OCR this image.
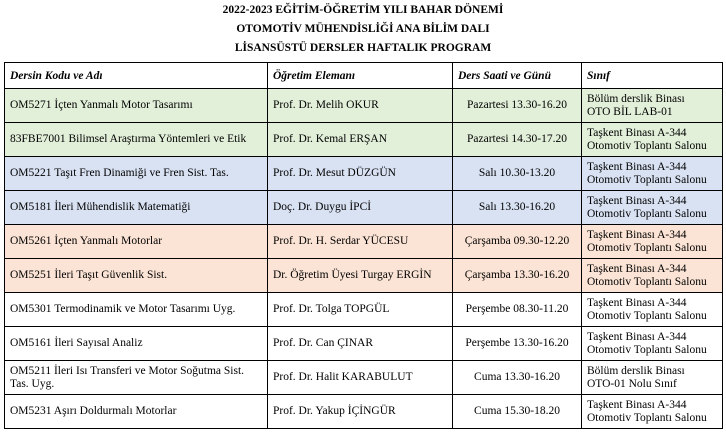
2022-2023 EĞİTİM-ÖĞRETİM YILI BAHAR DÖNEMİ
OTOMOTİV MÜHENDİSLİĞİ ANA BİLİM DALI
LİSANSÜSTÜ DERSLER HAFTALIK PROGRAM
Dersin Kodu ve Adı	Öğretim Elemanı	Ders Saati ve Günü	Sınıf
OM5271 İçten Yanmalı Motor Tasarımı	Prof. Dr. Melih OKUR	Pazartesi 13.30-16.20	Bölüm derslik Binası
OTO BİL LAB-01

83FBE7001 Bilimsel Araştırma Yöntemleri ve Etik	Prof. Dr. Kemal ERŞAN	Pazartesi 14.30-17.20	Taşkent Binası A-344
Otomotiv Toplantı Salonu

OM5221 Taşıt Fren Dinamiği ve Fren Sist. Tas.	Prof. Dr. Mesut DÜZGÜN	Salı 10.30-13.20	Taşkent Binası A-344
Otomotiv Toplantı Salonu

OM5181 İleri Mühendislik Matematiği	Doç. Dr. Duygu İPCİ	Salı 13.30-16.20	Taşkent Binası A-344
Otomotiv Toplantı Salonu

OM5261 İçten Yanmalı Motorlar	Prof. Dr. H. Serdar YÜCESU	Çarşamba 09.30-12.20	Taşkent Binası A-344
Otomotiv Toplantı Salonu

OM5251 İleri Taşıt Güvenlik Sist.	Dr. Öğretim Üyesi Turgay ERGİN	Çarşamba 13.30-16.20	Taşkent Binası A-344
Otomotiv Toplantı Salonu

OM5301 Termodinamik ve Motor Tasarımı Uyg.	Prof. Dr. Tolga TOPGÜL	Perşembe 08.30-11.20	Taşkent Binası A-344
Otomotiv Toplantı Salonu

OM5161 İleri Sayısal Analiz	Prof. Dr. Can ÇINAR	Perşembe 13.30-16.20	Taşkent Binası A-344
Otomotiv Toplantı Salonu

OM5211 İleri Isı Transferi ve Motor Soğutma Sist. Tas. Uyg.	Prof. Dr. Halit KARABULUT	Cuma 13.30-16.20	Bölüm derslik Binası
OTO-01 Nolu Sınıf

OM5231 Aşırı Doldurmalı Motorlar	Prof. Dr. Yakup İÇİNGÜR	Cuma 15.30-18.20	Taşkent Binası A-344
Otomotiv Toplantı Salonu
